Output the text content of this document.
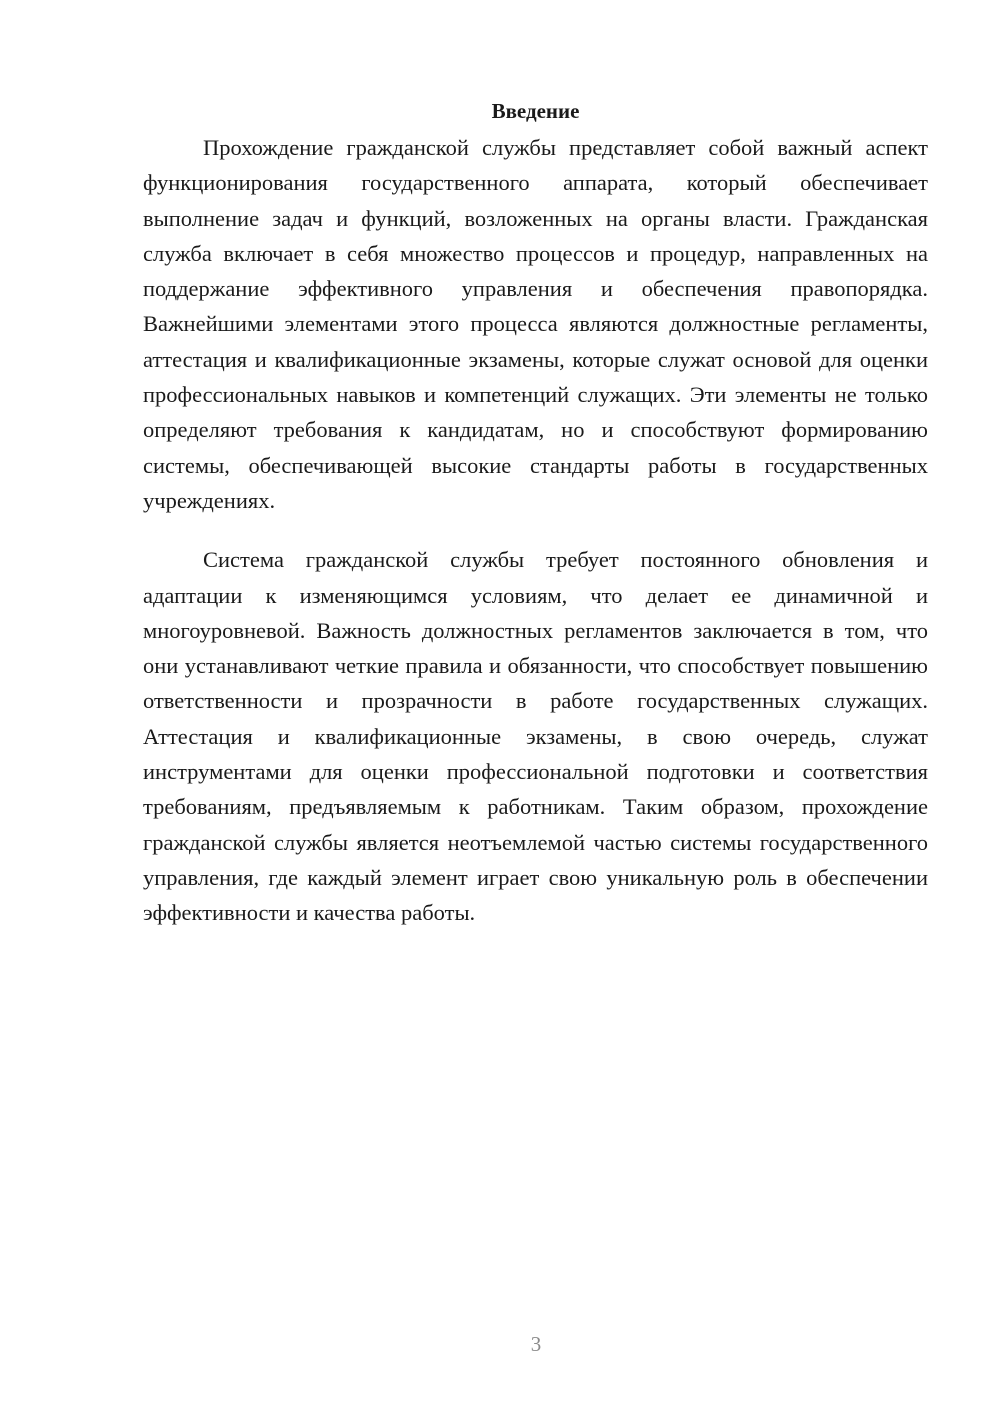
Введение

Прохождение гражданской службы представляет собой важный аспект функционирования государственного аппарата, который обеспечивает выполнение задач и функций, возложенных на органы власти. Гражданская служба включает в себя множество процессов и процедур, направленных на поддержание эффективного управления и обеспечения правопорядка. Важнейшими элементами этого процесса являются должностные регламенты, аттестация и квалификационные экзамены, которые служат основой для оценки профессиональных навыков и компетенций служащих. Эти элементы не только определяют требования к кандидатам, но и способствуют формированию системы, обеспечивающей высокие стандарты работы в государственных учреждениях.

Система гражданской службы требует постоянного обновления и адаптации к изменяющимся условиям, что делает ее динамичной и многоуровневой. Важность должностных регламентов заключается в том, что они устанавливают четкие правила и обязанности, что способствует повышению ответственности и прозрачности в работе государственных служащих. Аттестация и квалификационные экзамены, в свою очередь, служат инструментами для оценки профессиональной подготовки и соответствия требованиям, предъявляемым к работникам. Таким образом, прохождение гражданской службы является неотъемлемой частью системы государственного управления, где каждый элемент играет свою уникальную роль в обеспечении эффективности и качества работы.

3
